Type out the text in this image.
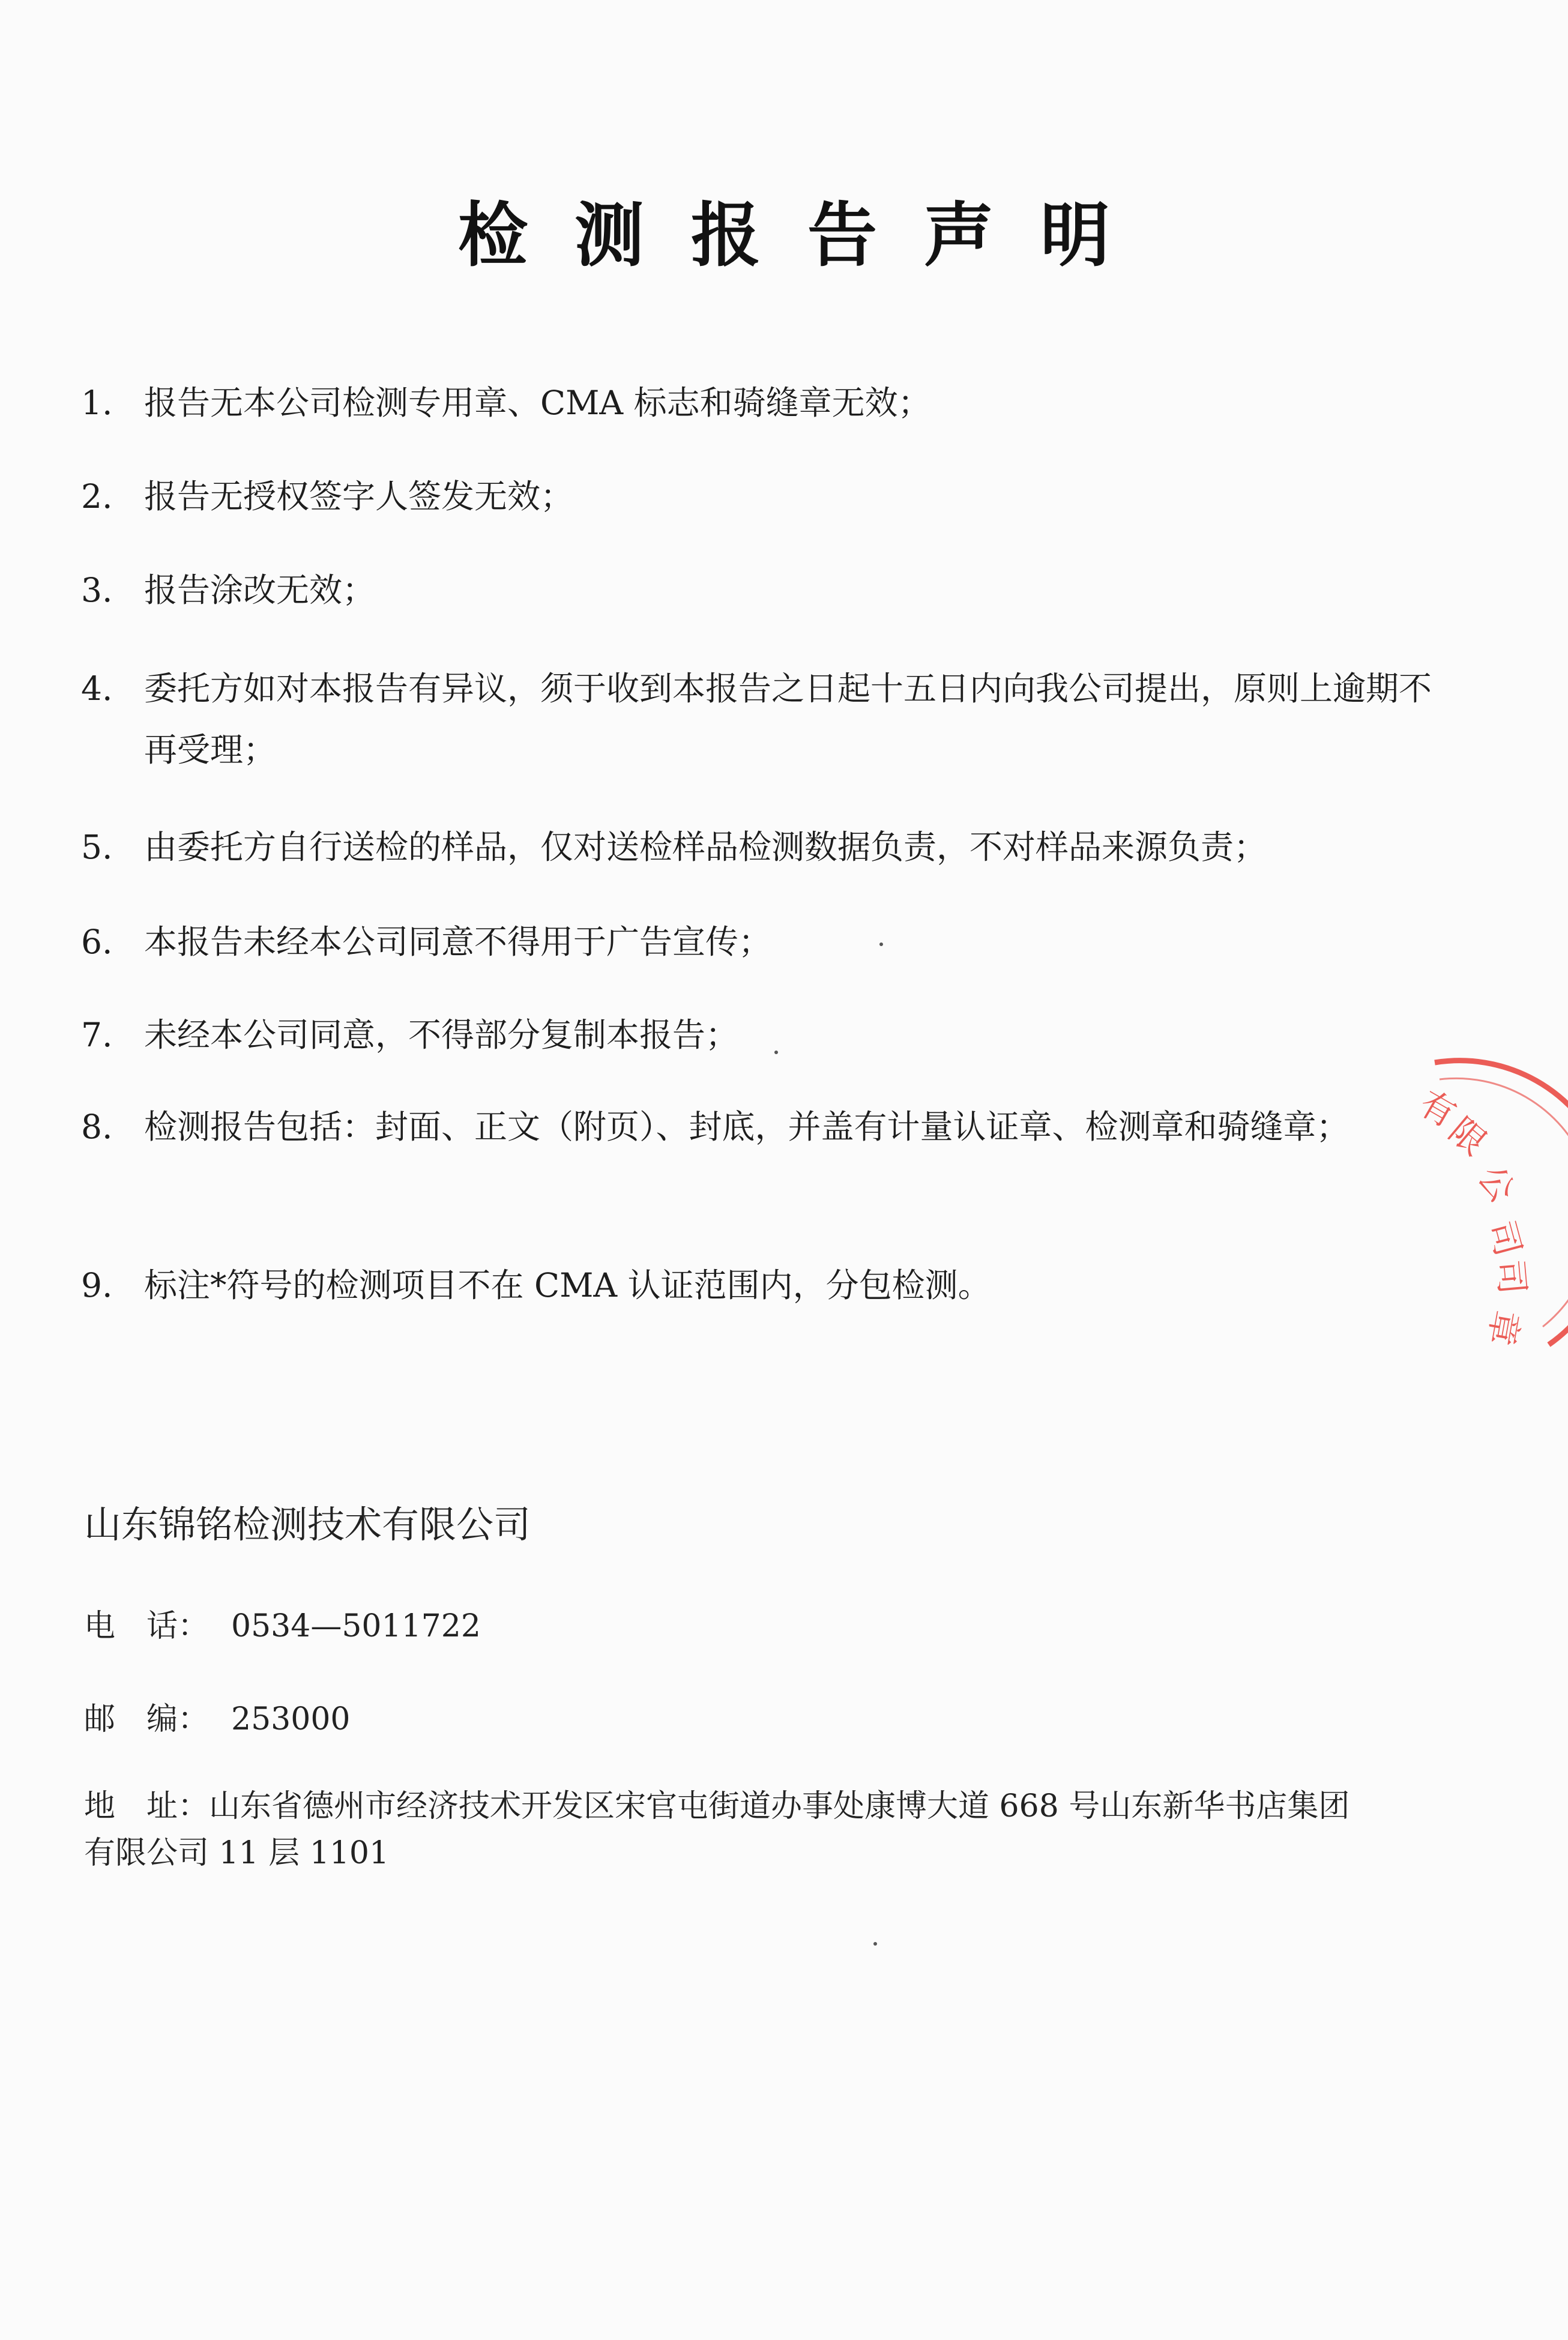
检测报告声明
1. 报告无本公司检测专用章、CMA 标志和骑缝章无效；
2. 报告无授权签字人签发无效；
3. 报告涂改无效；
4. 委托方如对本报告有异议，须于收到本报告之日起十五日内向我公司提出，原则上逾期不再受理；
5. 由委托方自行送检的样品，仅对送检样品检测数据负责，不对样品来源负责；
6. 本报告未经本公司同意不得用于广告宣传；
7. 未经本公司同意，不得部分复制本报告；
8. 检测报告包括：封面、正文（附页）、封底，并盖有计量认证章、检测章和骑缝章；
9. 标注*符号的检测项目不在 CMA 认证范围内，分包检测。
山东锦铭检测技术有限公司
电　话： 0534—5011722
邮　编： 253000
地　址：山东省德州市经济技术开发区宋官屯街道办事处康博大道 668 号山东新华书店集团有限公司 11 层 1101
有
限
公
司
司
章
